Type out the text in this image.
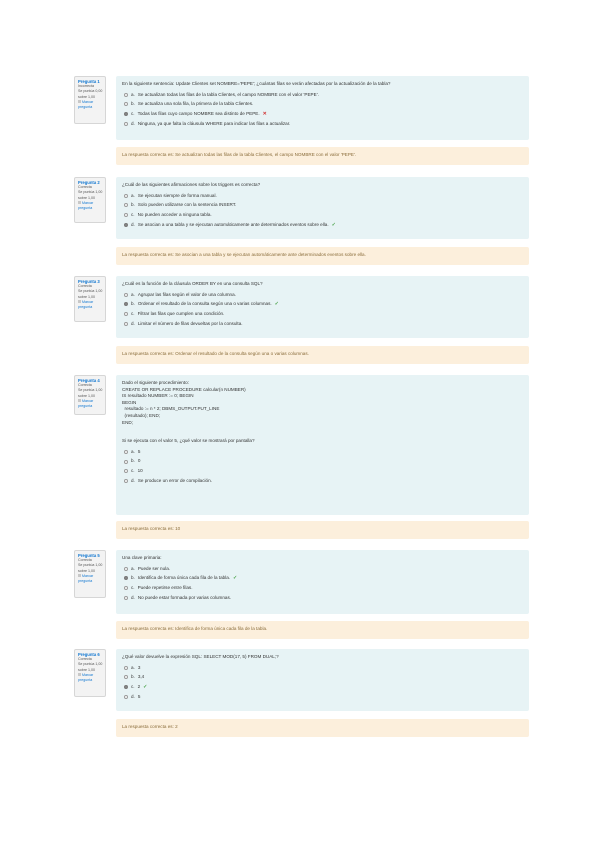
Pregunta 1
Incorrecta
Se puntúa 0,00 sobre 1,00
Marcar pregunta

En la siguiente sentencia: Update Clientes set NOMBRE='PEPE'; ¿cuántas filas se verán afectadas por la actualización de la tabla?

a. Se actualizan todas las filas de la tabla Clientes, el campo NOMBRE con el valor 'PEPE'.
b. Se actualiza una sola fila, la primera de la tabla Clientes.
c. Todas las filas cuyo campo NOMBRE sea distinto de PEPE. ✕
d. Ninguna, ya que falta la cláusula WHERE para indicar las filas a actualizar.
La respuesta correcta es: Se actualizan todas las filas de la tabla Clientes, el campo NOMBRE con el valor 'PEPE'.
Pregunta 2
Correcta
Se puntúa 1,00 sobre 1,00
Marcar pregunta

¿Cuál de las siguientes afirmaciones sobre los triggers es correcta?

a. Se ejecutan siempre de forma manual.
b. Solo pueden utilizarse con la sentencia INSERT.
c. No pueden acceder a ninguna tabla.
d. Se asocian a una tabla y se ejecutan automáticamente ante determinados eventos sobre ella. ✓
La respuesta correcta es: Se asocian a una tabla y se ejecutan automáticamente ante determinados eventos sobre ella.
Pregunta 3
Correcta
Se puntúa 1,00 sobre 1,00
Marcar pregunta

¿Cuál es la función de la cláusula ORDER BY en una consulta SQL?

a. Agrupar las filas según el valor de una columna.
b. Ordenar el resultado de la consulta según una o varias columnas. ✓
c. Filtrar las filas que cumplen una condición.
d. Limitar el número de filas devueltas por la consulta.
La respuesta correcta es: Ordenar el resultado de la consulta según una o varias columnas.
Pregunta 4
Correcta
Se puntúa 1,00 sobre 1,00
Marcar pregunta

Dado el siguiente procedimiento:

CREATE OR REPLACE PROCEDURE calcular(n NUMBER)
IS resultado NUMBER := 0; BEGIN
BEGIN
resultado := n * 2; DBMS_OUTPUT.PUT_LINE
(resultado); END;
END;

Si se ejecuta con el valor 5, ¿qué valor se mostrará por pantalla?

a. 5
b. 0
c. 10
d. Se produce un error de compilación.
La respuesta correcta es: 10
Pregunta 5
Correcta
Se puntúa 1,00 sobre 1,00
Marcar pregunta

Una clave primaria:

a. Puede ser nula.
b. Identifica de forma única cada fila de la tabla. ✓
c. Puede repetirse entre filas.
d. No puede estar formada por varias columnas.
La respuesta correcta es: Identifica de forma única cada fila de la tabla.
Pregunta 6
Correcta
Se puntúa 1,00 sobre 1,00
Marcar pregunta

¿Qué valor devuelve la expresión SQL: SELECT MOD(17, 5) FROM DUAL;?

a. 3
b. 3,4
c. 2 ✓
d. 5
La respuesta correcta es: 2
